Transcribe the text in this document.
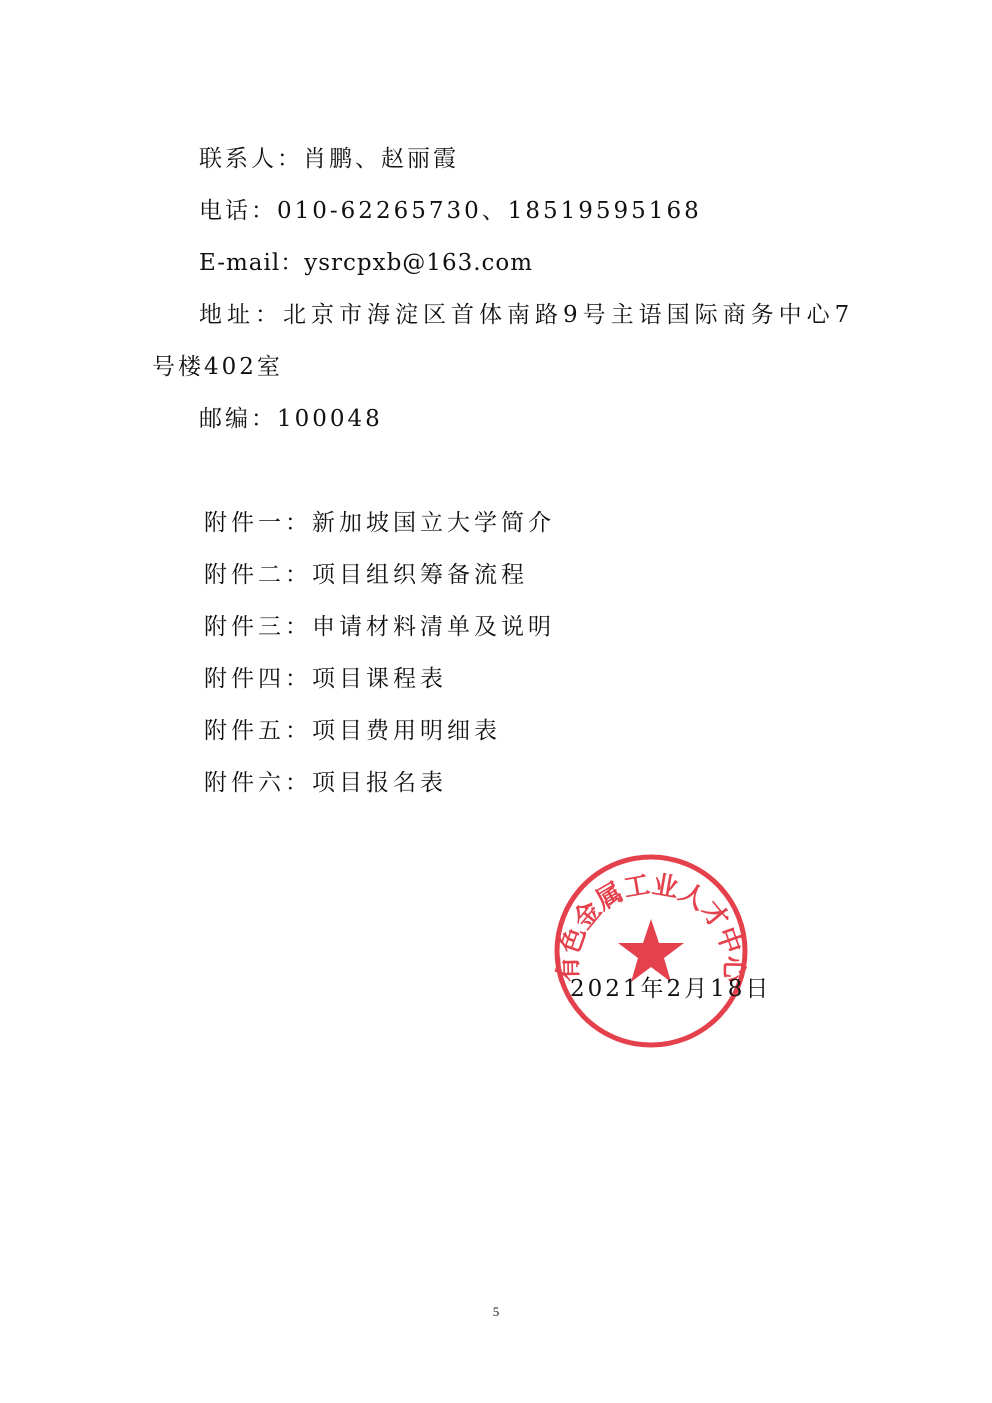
联系人：肖鹏、赵丽霞
电话：010-62265730、18519595168
E-mail：ysrcpxb@163.com
地址：北京市海淀区首体南路9号主语国际商务中心7
号楼402室
邮编：100048
附件一：新加坡国立大学简介
附件二：项目组织筹备流程
附件三：申请材料清单及说明
附件四：项目课程表
附件五：项目费用明细表
附件六：项目报名表
有色金属工业人才中心
2021年2月18日
5
